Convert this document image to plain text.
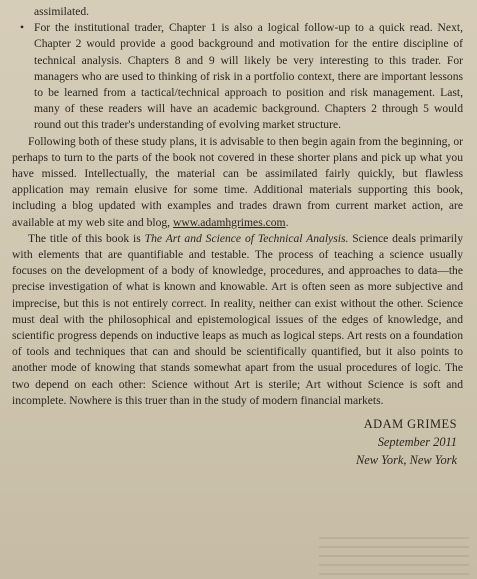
assimilated.

• For the institutional trader, Chapter 1 is also a logical follow-up to a quick read. Next, Chapter 2 would provide a good background and motivation for the entire discipline of technical analysis. Chapters 8 and 9 will likely be very interesting to this trader. For managers who are used to thinking of risk in a portfolio context, there are important lessons to be learned from a tactical/technical approach to position and risk management. Last, many of these readers will have an academic background. Chapters 2 through 5 would round out this trader's understanding of evolving market structure.

Following both of these study plans, it is advisable to then begin again from the beginning, or perhaps to turn to the parts of the book not covered in these shorter plans and pick up what you have missed. Intellectually, the material can be assimilated fairly quickly, but flawless application may remain elusive for some time. Additional materials supporting this book, including a blog updated with examples and trades drawn from current market action, are available at my web site and blog, www.adamhgrimes.com.

The title of this book is The Art and Science of Technical Analysis. Science deals primarily with elements that are quantifiable and testable. The process of teaching a science usually focuses on the development of a body of knowledge, procedures, and approaches to data—the precise investigation of what is known and knowable. Art is often seen as more subjective and imprecise, but this is not entirely correct. In reality, neither can exist without the other. Science must deal with the philosophical and epistemological issues of the edges of knowledge, and scientific progress depends on inductive leaps as much as logical steps. Art rests on a foundation of tools and techniques that can and should be scientifically quantified, but it also points to another mode of knowing that stands somewhat apart from the usual procedures of logic. The two depend on each other: Science without Art is sterile; Art without Science is soft and incomplete. Nowhere is this truer than in the study of modern financial markets.

ADAM GRIMES
September 2011
New York, New York
